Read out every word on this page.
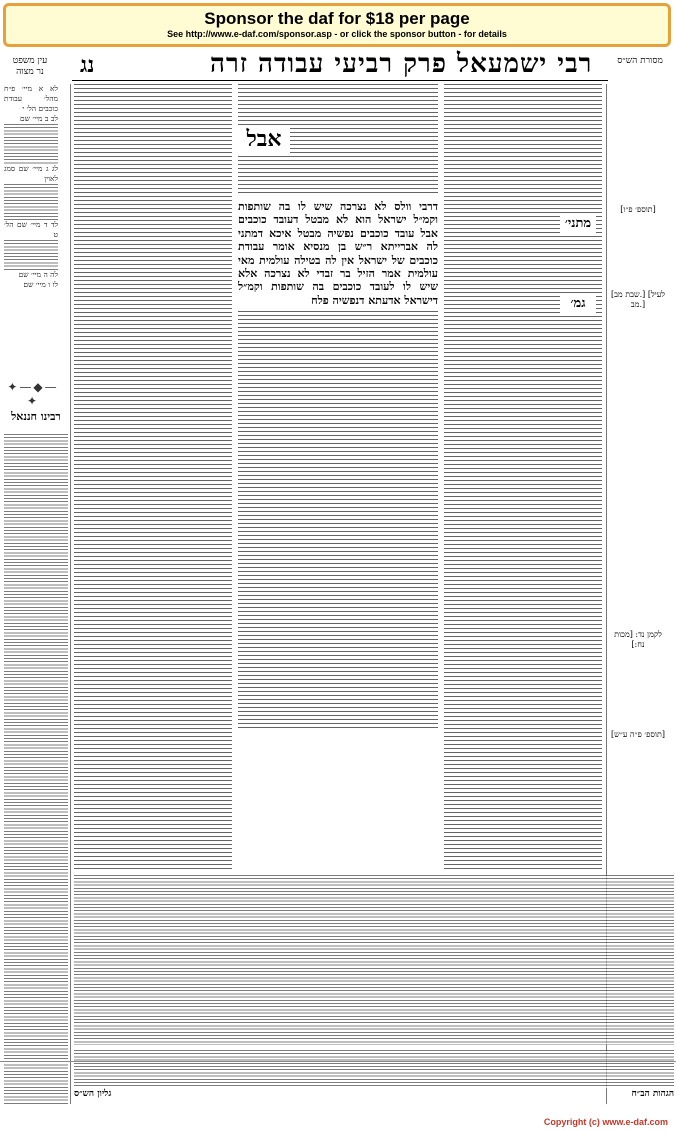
Sponsor the daf for $18 per page
See http://www.e-daf.com/sponsor.asp - or click the sponsor button - for details
עין משפט נר מצוה	נג	רבי ישמעאל פרק רביעי עבודה זרה	מסורת הש״ס

לא א מיי׳ פ״ח מהל׳ עבודת כוכבים הל׳ י

לב ב מיי׳ שם

לג ג מיי׳ שם סמג לאוין

לד ד מיי׳ שם הל׳ ט

לה ה מיי׳ שם

לו ו מיי׳ שם

✦—◆—✦
רבינו חננאל
אבל
דרבי וולס לא נצרכה שיש לו בה שותפות וקמ״ל ישראל הוא לא מבטל דעובד כוכבים אבל עובד כוכבים נפשיה מבטל איכא דמתני לה אברייתא ר״ש בן מנסיא אומר עבודת כוכבים של ישראל אין לה בטילה עולמית מאי עולמית אמר הזיל בר זבדי לא נצרכה אלא שיש לו לעובד כוכבים בה שותפות וקמ״ל דישראל אדעתא דנפשיה פלח
מתני׳
גמ׳
[תוספ׳ פ״ו]
[שבת מב.] [לעיל מב.]
לקמן נד: [מכות נח:]
[תוספ׳ פ״ה ע״ש]
הגהות הב״ח
גליון הש״ס
Copyright (c) www.e-daf.com
